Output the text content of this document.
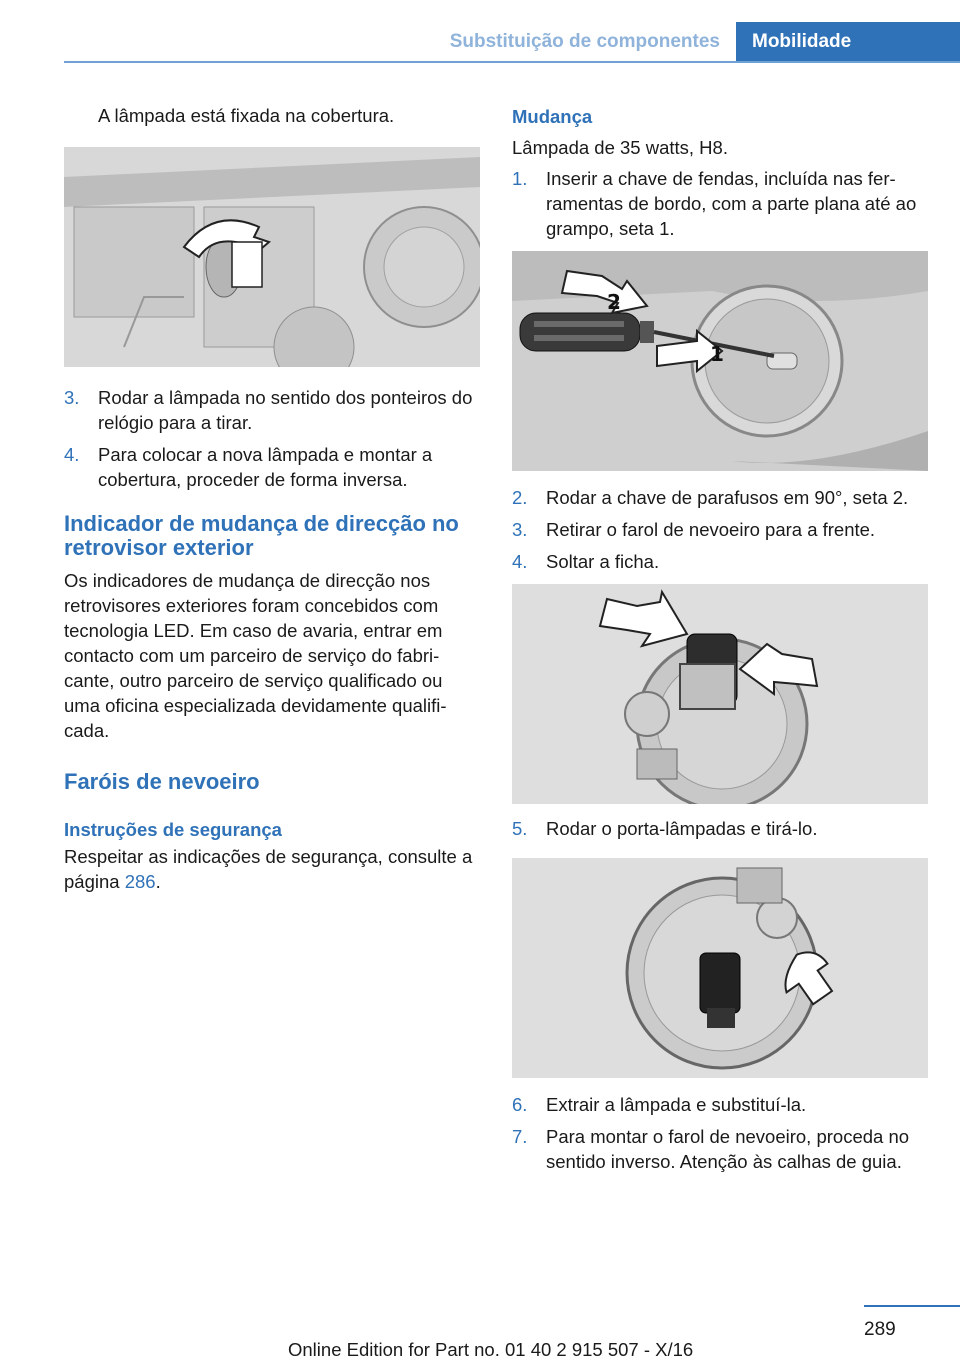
Substituição de componentes	Mobilidade

A lâmpada está fixada na cobertura.

3.	Rodar a lâmpada no sentido dos ponteiros do relógio para a tirar.
4.	Para colocar a nova lâmpada e montar a cobertura, proceder de forma inversa.
Indicador de mudança de direcção no retrovisor exterior

Os indicadores de mudança de direcção nos retrovisores exteriores foram concebidos com tecnologia LED. Em caso de avaria, entrar em contacto com um parceiro de serviço do fabricante, outro parceiro de serviço qualificado ou uma oficina especializada devidamente qualificada.

Faróis de nevoeiro
Instruções de segurança

Respeitar as indicações de segurança, consulte a página 286.

Mudança

Lâmpada de 35 watts, H8.

1.	Inserir a chave de fendas, incluída nas ferramentas de bordo, com a parte plana até ao grampo, seta 1.
2
1
2.	Rodar a chave de parafusos em 90°, seta 2.
3.	Retirar o farol de nevoeiro para a frente.
4.	Soltar a ficha.
5.	Rodar o porta-lâmpadas e tirá-lo.
6.	Extrair a lâmpada e substituí-la.
7.	Para montar o farol de nevoeiro, proceda no sentido inverso. Atenção às calhas de guia.
289
Online Edition for Part no. 01 40 2 915 507 - X/16
